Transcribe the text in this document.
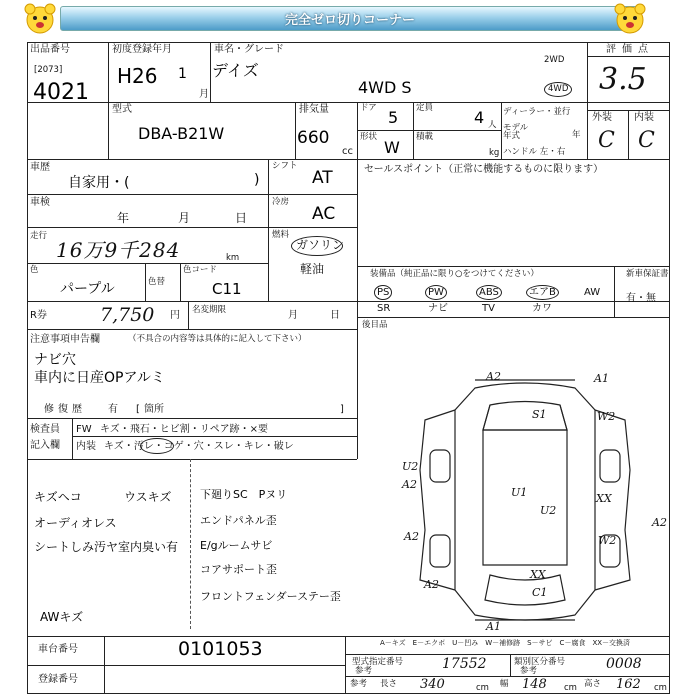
完全ゼロ切りコーナー
出品番号
[2073]
4021
初度登録年月
H26 1
月
車名・グレード
デイズ
4WD S
2WD
4WD
評価点
3.5
型式
DBA-B21W
排気量
660
cc
ドア 5 定員	4 人
ディーラー・並行
モデル年式	年
形状
W
積載
kg ハンドル 左・右
外装 内装
C C
車歴
自家用・(	)
シフト
AT
車検
年	月	日
冷房
AC
走行
16万9千284	km
燃料
ガソリン
軽油
色
パープル	色替
色コード
C11
R券	7,750 円 名変期限	月	日
セールスポイント（正常に機能するものに限ります）
装備品（純正品に限り○をつけてください）	新車保証書
有・無
PS	PW	ABS	エアB	AW
SR	ナビ	TV	カワ
後目品
注意事項申告欄	（不具合の内容等は具体的に記入して下さい）
ナビ穴
車内に日産OPアルミ
修復歴 有 [ 箇所	]
検査員
記入欄
FW キズ・飛石・ヒビ割・リペア跡・×要
内装 キズ・汚レ・コゲ・穴・スレ・キレ・破レ
キズヘコ
オーディオレス
シートしみ汚ヤ
AWキズ
ウスキズ
室内臭い有
下廻りSC　Pヌリ
エンドパネル歪
E/gルームサビ
コアサポート歪
フロントフェンダーステー歪
A2	A1
S1	W2
U2
A2
U1
U2
XX
A2
A2	W2
A2
XX
C1
A1
車台番号	0101053
登録番号
A－キズ　E－エクボ　U－凹み　W－補修跡　S－サビ　C－腐食　XX－交換済
型式指定番号
参考	17552	類別区分番号
参考	0008
参考 長さ 340	cm 幅 148 cm 高さ 162 cm
